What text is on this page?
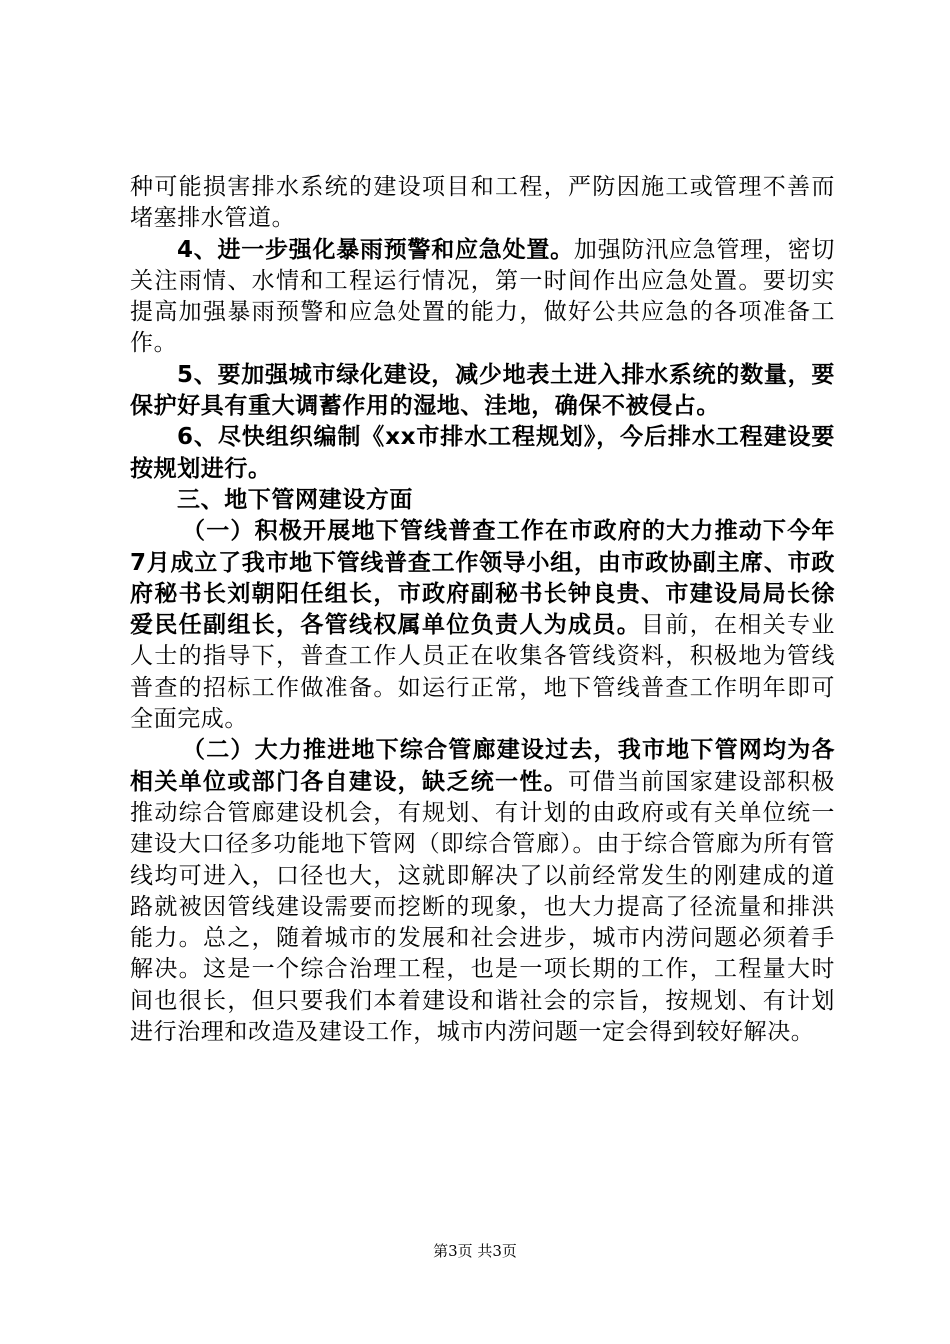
种可能损害排水系统的建设项目和工程，严防因施工或管理不善而堵塞排水管道。

4、进一步强化暴雨预警和应急处置。加强防汛应急管理，密切关注雨情、水情和工程运行情况，第一时间作出应急处置。要切实提高加强暴雨预警和应急处置的能力，做好公共应急的各项准备工作。

5、要加强城市绿化建设，减少地表土进入排水系统的数量，要保护好具有重大调蓄作用的湿地、洼地，确保不被侵占。

6、尽快组织编制《xx市排水工程规划》，今后排水工程建设要按规划进行。

三、地下管网建设方面

（一）积极开展地下管线普查工作在市政府的大力推动下今年7月成立了我市地下管线普查工作领导小组，由市政协副主席、市政府秘书长刘朝阳任组长，市政府副秘书长钟良贵、市建设局局长徐爱民任副组长，各管线权属单位负责人为成员。目前，在相关专业人士的指导下，普查工作人员正在收集各管线资料，积极地为管线普查的招标工作做准备。如运行正常，地下管线普查工作明年即可全面完成。

（二）大力推进地下综合管廊建设过去，我市地下管网均为各相关单位或部门各自建设，缺乏统一性。可借当前国家建设部积极推动综合管廊建设机会，有规划、有计划的由政府或有关单位统一建设大口径多功能地下管网（即综合管廊）。由于综合管廊为所有管线均可进入，口径也大，这就即解决了以前经常发生的刚建成的道路就被因管线建设需要而挖断的现象，也大力提高了径流量和排洪能力。总之，随着城市的发展和社会进步，城市内涝问题必须着手解决。这是一个综合治理工程，也是一项长期的工作，工程量大时间也很长，但只要我们本着建设和谐社会的宗旨，按规划、有计划进行治理和改造及建设工作，城市内涝问题一定会得到较好解决。

第3页 共3页
